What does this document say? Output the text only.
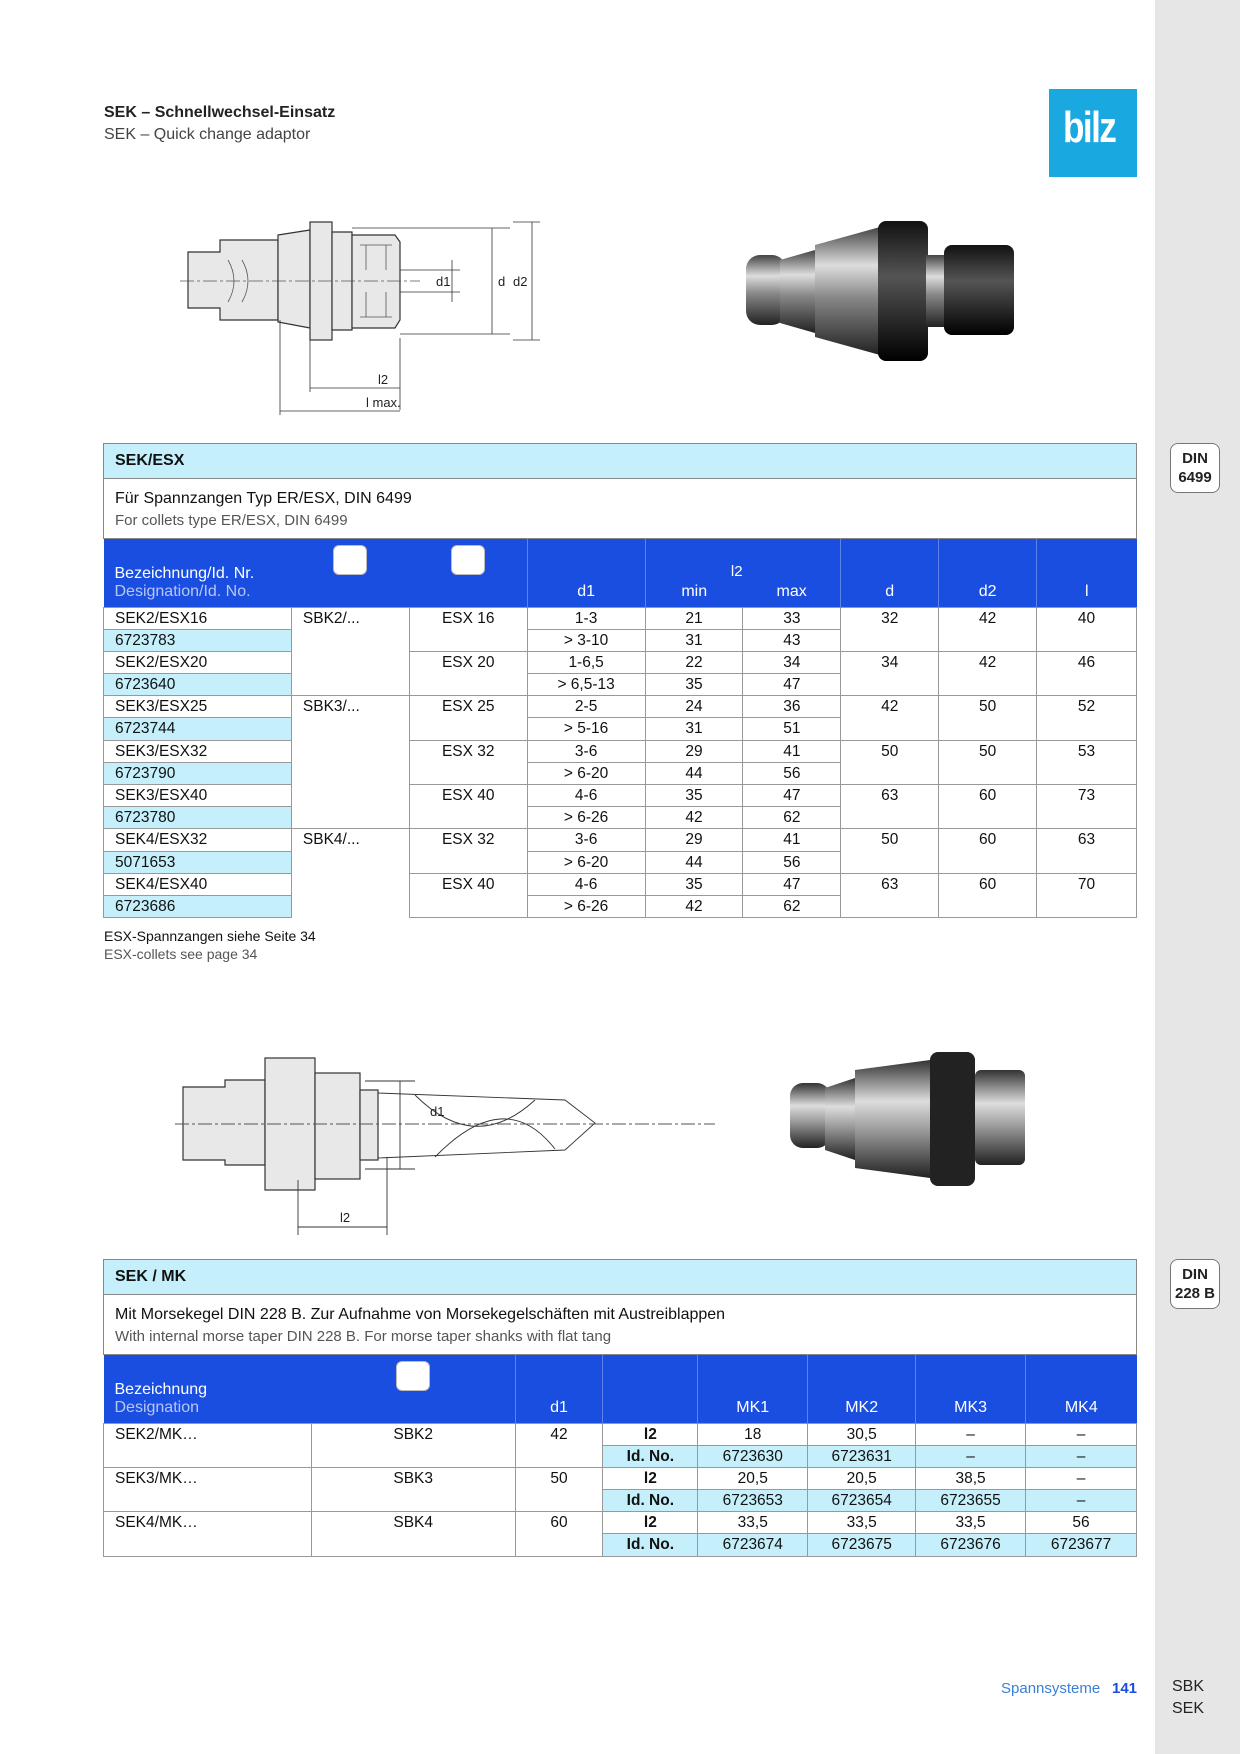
DIN
6499
DIN
228 B
SBK
SEK
bilz
SEK – Schnellwechsel-Einsatz
SEK – Quick change adaptor
d1	d d2
l2
l max.
SEK/ESX
Für Spannzangen Typ ER/ESX, DIN 6499
For collets type ER/ESX, DIN 6499
Bezeichnung/Id. Nr.
Designation/Id. No.			d1	min	l2
max	d	d2	l

SEK2/ESX16	SBK2/...	ESX 16	1-3	21	33	32	42	40
6723783			> 3-10	31	43			
SEK2/ESX20		ESX 20	1-6,5	22	34	34	42	46
6723640			> 6,5-13	35	47			
SEK3/ESX25	SBK3/...	ESX 25	2-5	24	36	42	50	52
6723744			> 5-16	31	51			
SEK3/ESX32		ESX 32	3-6	29	41	50	50	53
6723790			> 6-20	44	56			
SEK3/ESX40		ESX 40	4-6	35	47	63	60	73
6723780			> 6-26	42	62			
SEK4/ESX32	SBK4/...	ESX 32	3-6	29	41	50	60	63
5071653			> 6-20	44	56			
SEK4/ESX40		ESX 40	4-6	35	47	63	60	70
6723686			> 6-26	42	62			
ESX-Spannzangen siehe Seite 34
ESX-collets see page 34
d1
l2
SEK / MK
Mit Morsekegel DIN 228 B. Zur Aufnahme von Morsekegelschäften mit Austreiblappen
With internal morse taper DIN 228 B. For morse taper shanks with flat tang
Bezeichnung
Designation		d1		MK1	MK2	MK3	MK4

SEK2/MK…	SBK2	42	l2	18	30,5	–	–
			Id. No.	6723630	6723631	–	–
SEK3/MK…	SBK3	50	l2	20,5	20,5	38,5	–
			Id. No.	6723653	6723654	6723655	–
SEK4/MK…	SBK4	60	l2	33,5	33,5	33,5	56
			Id. No.	6723674	6723675	6723676	6723677
Spannsysteme 141
